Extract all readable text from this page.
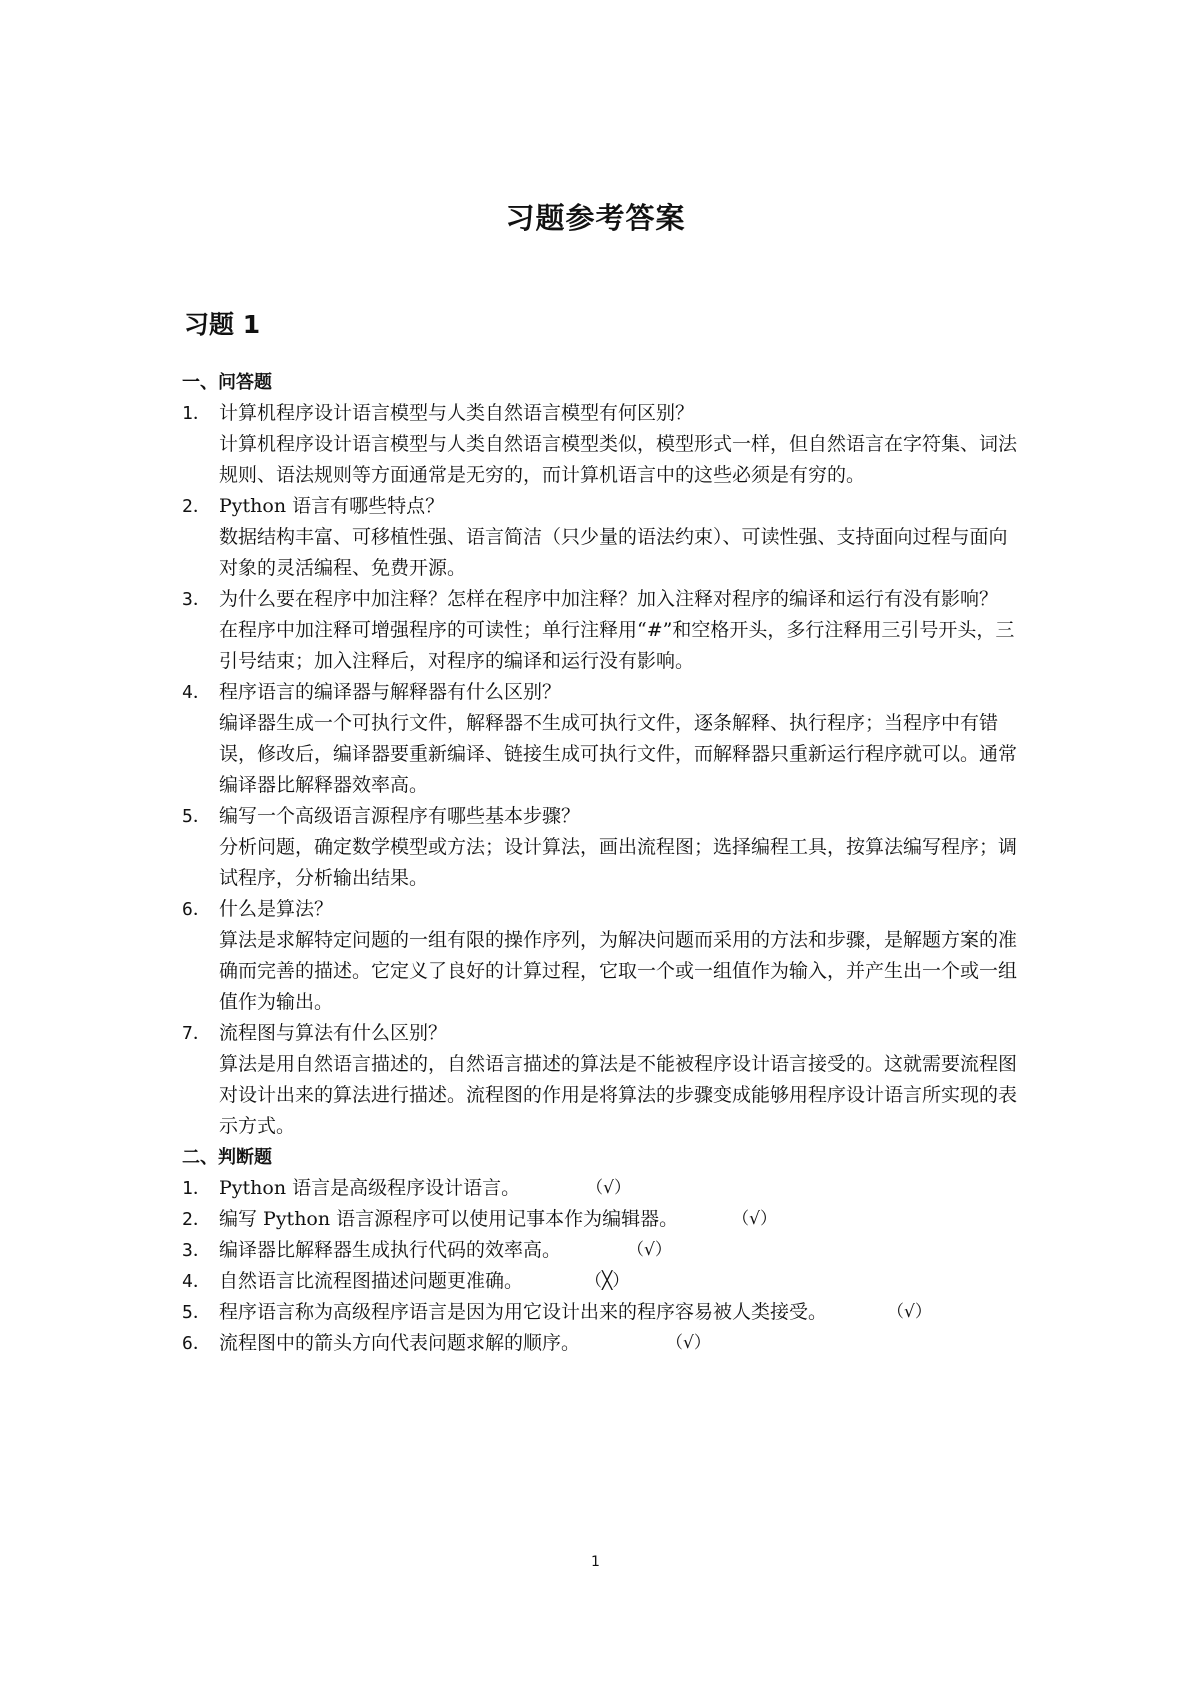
习题参考答案
习题 1
一、问答题
1． 计算机程序设计语言模型与人类自然语言模型有何区别？
计算机程序设计语言模型与人类自然语言模型类似，模型形式一样，但自然语言在字符集、词法规则、语法规则等方面通常是无穷的，而计算机语言中的这些必须是有穷的。
2． Python 语言有哪些特点？
数据结构丰富、可移植性强、语言简洁（只少量的语法约束）、可读性强、支持面向过程与面向对象的灵活编程、免费开源。
3． 为什么要在程序中加注释？怎样在程序中加注释？加入注释对程序的编译和运行有没有影响？
在程序中加注释可增强程序的可读性；单行注释用“#”和空格开头，多行注释用三引号开头，三引号结束；加入注释后，对程序的编译和运行没有影响。
4． 程序语言的编译器与解释器有什么区别？
编译器生成一个可执行文件，解释器不生成可执行文件，逐条解释、执行程序；当程序中有错误，修改后，编译器要重新编译、链接生成可执行文件，而解释器只重新运行程序就可以。通常编译器比解释器效率高。
5． 编写一个高级语言源程序有哪些基本步骤？
分析问题，确定数学模型或方法；设计算法，画出流程图；选择编程工具，按算法编写程序；调试程序，分析输出结果。
6． 什么是算法？
算法是求解特定问题的一组有限的操作序列，为解决问题而采用的方法和步骤，是解题方案的准确而完善的描述。它定义了良好的计算过程，它取一个或一组值作为输入，并产生出一个或一组值作为输出。
7． 流程图与算法有什么区别？
算法是用自然语言描述的，自然语言描述的算法是不能被程序设计语言接受的。这就需要流程图对设计出来的算法进行描述。流程图的作用是将算法的步骤变成能够用程序设计语言所实现的表示方式。
二、判断题
1． Python 语言是高级程序设计语言。	（√）
2． 编写 Python 语言源程序可以使用记事本作为编辑器。	（√）
3． 编译器比解释器生成执行代码的效率高。	（√）
4． 自然语言比流程图描述问题更准确。	（╳）
5． 程序语言称为高级程序语言是因为用它设计出来的程序容易被人类接受。	（√）
6． 流程图中的箭头方向代表问题求解的顺序。	（√）
1
